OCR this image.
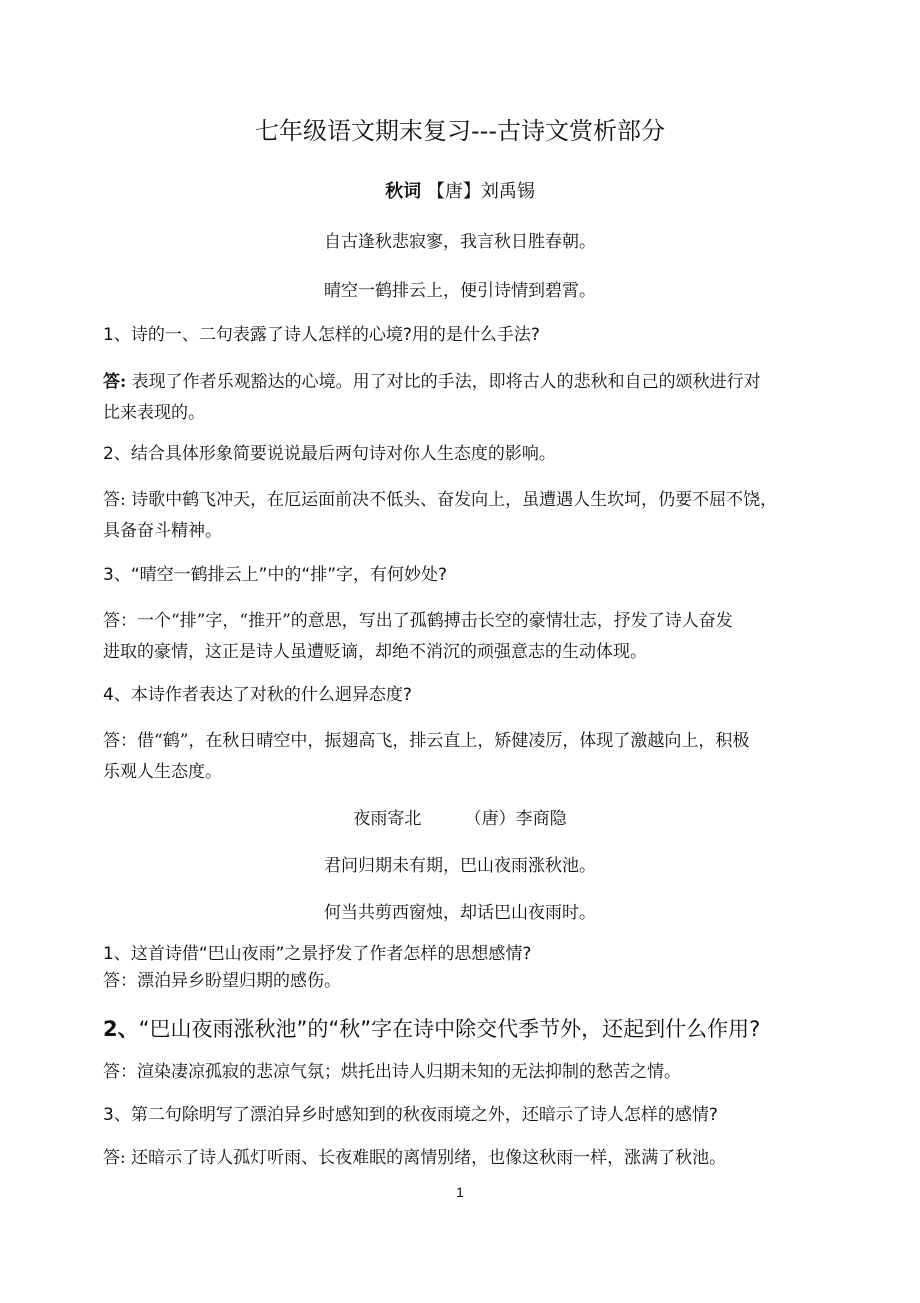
七年级语文期末复习---古诗文赏析部分
秋词 【唐】刘禹锡
自古逢秋悲寂寥，我言秋日胜春朝。
晴空一鹤排云上，便引诗情到碧霄。
1、诗的一、二句表露了诗人怎样的心境?用的是什么手法?
答: 表现了作者乐观豁达的心境。用了对比的手法，即将古人的悲秋和自己的颂秋进行对
比来表现的。
2、结合具体形象简要说说最后两句诗对你人生态度的影响。
答: 诗歌中鹤飞冲天，在厄运面前决不低头、奋发向上，虽遭遇人生坎坷，仍要不屈不饶，
具备奋斗精神。
3、“晴空一鹤排云上”中的“排”字，有何妙处?
答：一个“排”字，“推开”的意思，写出了孤鹤搏击长空的豪情壮志，抒发了诗人奋发
进取的豪情，这正是诗人虽遭贬谪，却绝不消沉的顽强意志的生动体现。
4、本诗作者表达了对秋的什么迥异态度?
答：借“鹤”，在秋日晴空中，振翅高飞，排云直上，矫健凌厉，体现了激越向上，积极
乐观人生态度。
夜雨寄北        （唐）李商隐
君问归期未有期，巴山夜雨涨秋池。
何当共剪西窗烛，却话巴山夜雨时。
1、这首诗借“巴山夜雨”之景抒发了作者怎样的思想感情?
答：漂泊异乡盼望归期的感伤。
2、“巴山夜雨涨秋池”的“秋”字在诗中除交代季节外，还起到什么作用?
答：渲染凄凉孤寂的悲凉气氛；烘托出诗人归期未知的无法抑制的愁苦之情。
3、第二句除明写了漂泊异乡时感知到的秋夜雨境之外，还暗示了诗人怎样的感情?
答: 还暗示了诗人孤灯听雨、长夜难眠的离情别绪，也像这秋雨一样，涨满了秋池。
1
